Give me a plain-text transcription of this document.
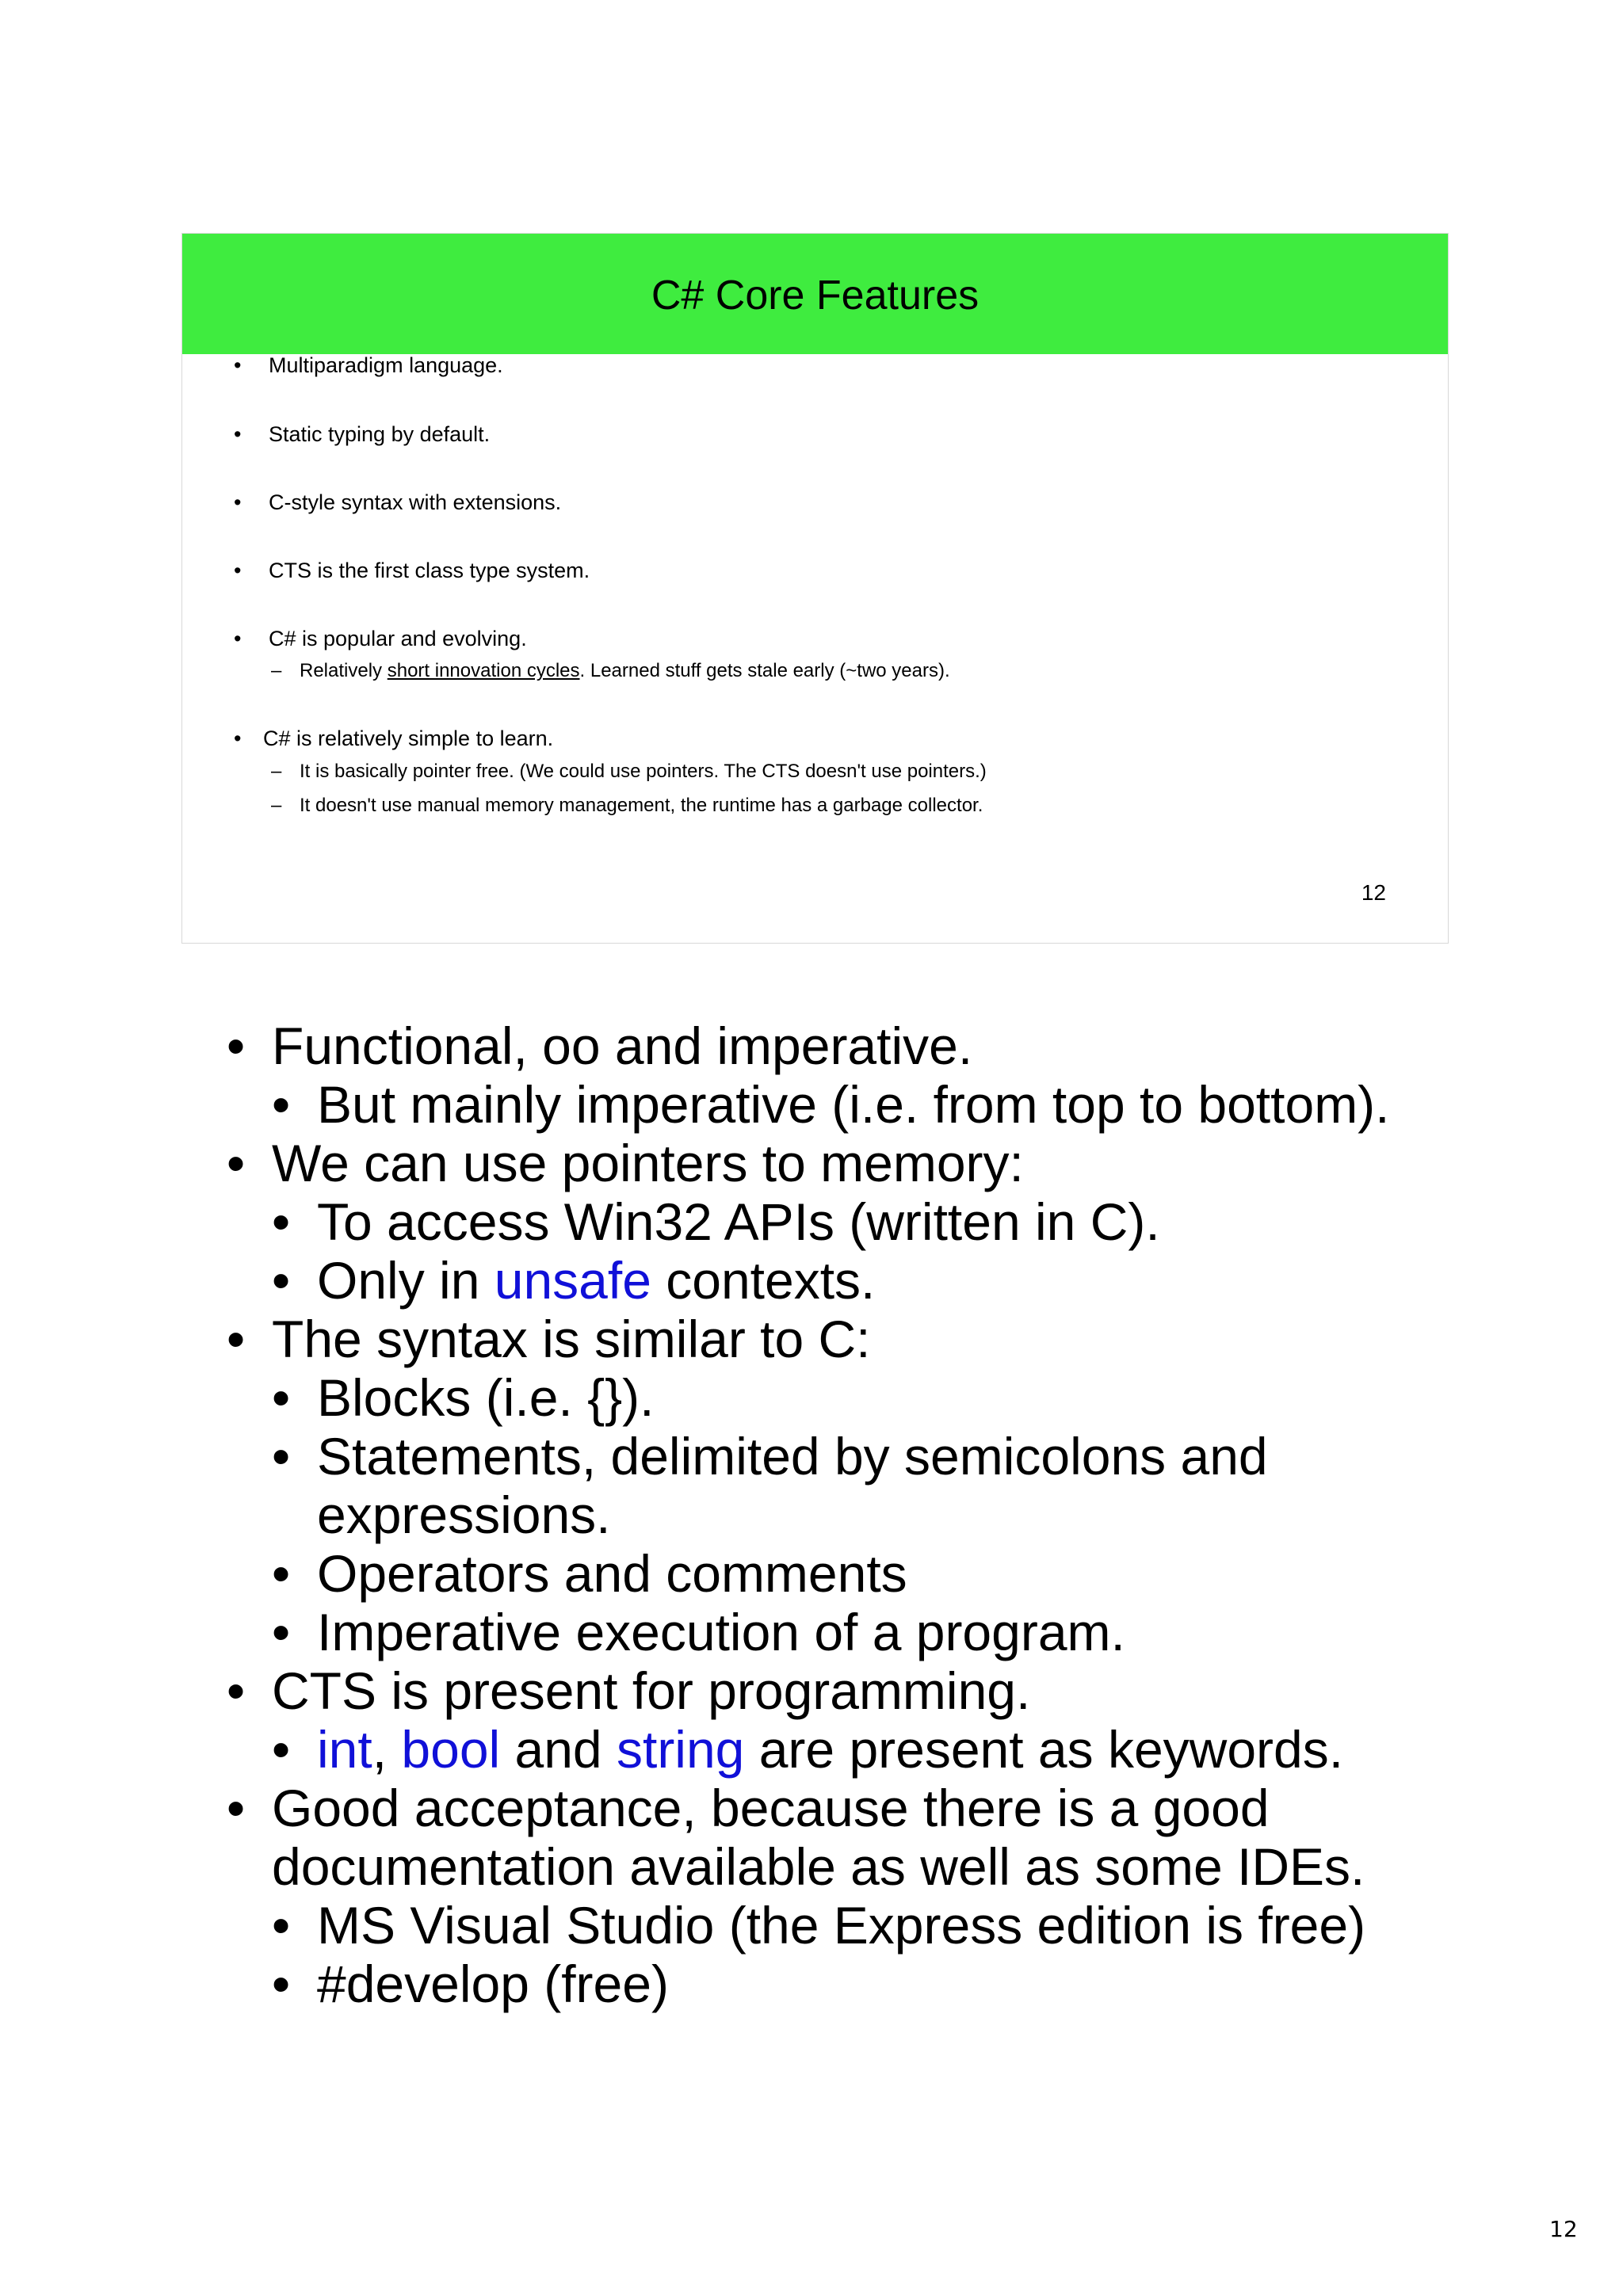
C# Core Features
• Multiparadigm language.
• Static typing by default.
• C-style syntax with extensions.
• CTS is the first class type system.
• C# is popular and evolving.
– Relatively short innovation cycles. Learned stuff gets stale early (~two years).
• C# is relatively simple to learn.
– It is basically pointer free. (We could use pointers. The CTS doesn't use pointers.)
– It doesn't use manual memory management, the runtime has a garbage collector.
12
• Functional, oo and imperative.
• But mainly imperative (i.e. from top to bottom).
• We can use pointers to memory:
• To access Win32 APIs (written in C).
• Only in unsafe contexts.
• The syntax is similar to C:
• Blocks (i.e. {}).
• Statements, delimited by semicolons and
expressions.
• Operators and comments
• Imperative execution of a program.
• CTS is present for programming.
• int, bool and string are present as keywords.
• Good acceptance, because there is a good
documentation available as well as some IDEs.
• MS Visual Studio (the Express edition is free)
• #develop (free)
12
